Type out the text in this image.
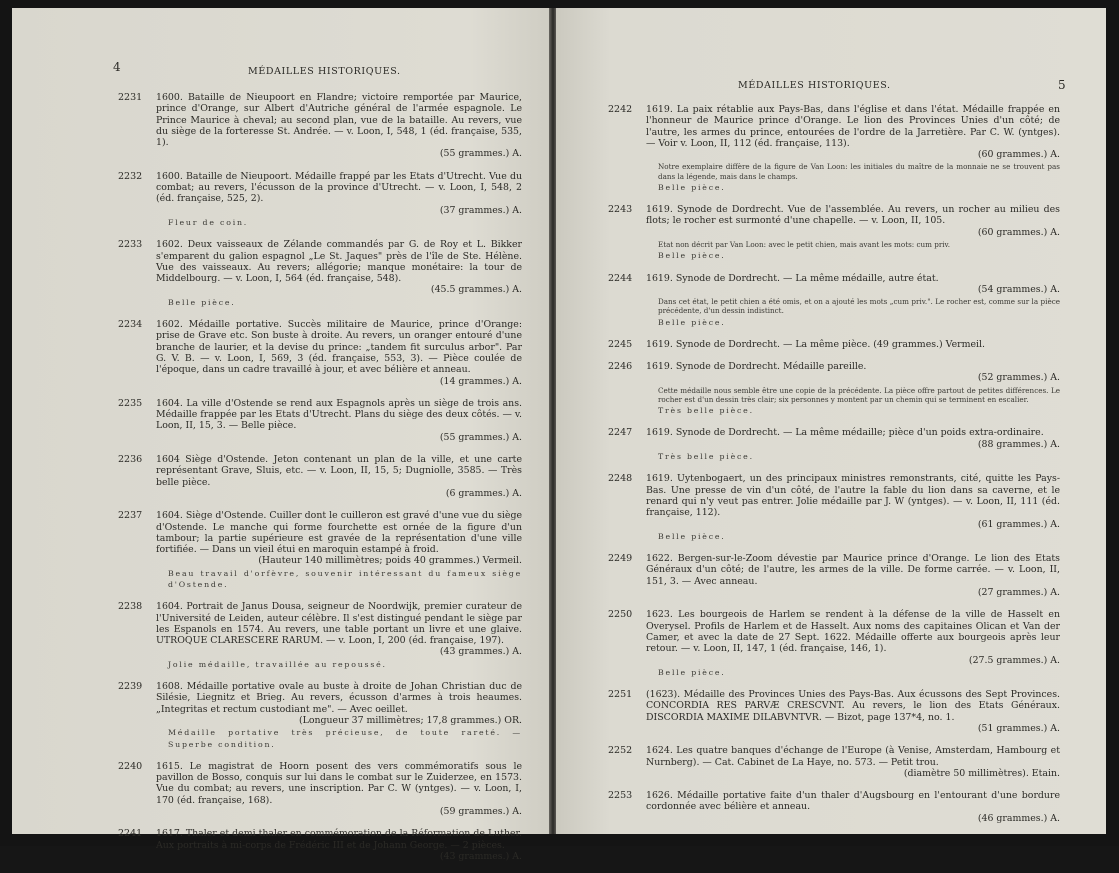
4	MÉDAILLES HISTORIQUES.
2231 1600. Bataille de Nieupoort en Flandre; victoire remportée par Maurice, prince d'Orange, sur Albert d'Autriche général de l'armée espagnole. Le Prince Maurice à cheval; au second plan, vue de la bataille. Au revers, vue du siège de la forteresse St. Andrée. — v. Loon, I, 548, 1 (éd. française, 535, 1).
(55 grammes.) A.
2232 1600. Bataille de Nieupoort. Médaille frappé par les Etats d'Utrecht. Vue du combat; au revers, l'écusson de la province d'Utrecht. — v. Loon, I, 548, 2 (éd. française, 525, 2).
(37 grammes.) A.
Fleur de coin.
2233 1602. Deux vaisseaux de Zélande commandés par G. de Roy et L. Bikker s'emparent du galion espagnol „Le St. Jaques" près de l'île de Ste. Hélène. Vue des vaisseaux. Au revers; allégorie; manque monétaire: la tour de Middelbourg. — v. Loon, I, 564 (éd. française, 548).
(45.5 grammes.) A.
Belle pièce.
2234 1602. Médaille portative. Succès militaire de Maurice, prince d'Orange: prise de Grave etc. Son buste à droite. Au revers, un oranger entouré d'une branche de laurier, et la devise du prince: „tandem fit surculus arbor". Par G. V. B. — v. Loon, I, 569, 3 (éd. française, 553, 3). — Pièce coulée de l'époque, dans un cadre travaillé à jour, et avec bélière et anneau.
(14 grammes.) A.
2235 1604. La ville d'Ostende se rend aux Espagnols après un siège de trois ans. Médaille frappée par les Etats d'Utrecht. Plans du siège des deux côtés. — v. Loon, II, 15, 3. — Belle pièce.
(55 grammes.) A.
2236 1604 Siège d'Ostende. Jeton contenant un plan de la ville, et une carte représentant Grave, Sluis, etc. — v. Loon, II, 15, 5; Dugniolle, 3585. — Très belle pièce.
(6 grammes.) A.
2237 1604. Siège d'Ostende. Cuiller dont le cuilleron est gravé d'une vue du siège d'Ostende. Le manche qui forme fourchette est ornée de la figure d'un tambour; la partie supérieure est gravée de la représentation d'une ville fortifiée. — Dans un vieil étui en maroquin estampé à froid.
(Hauteur 140 millimètres; poids 40 grammes.) Vermeil.
Beau travail d'orfèvre, souvenir intéressant du fameux siège d'Ostende.
2238 1604. Portrait de Janus Dousa, seigneur de Noordwijk, premier curateur de l'Université de Leiden, auteur célèbre. Il s'est distingué pendant le siège par les Espanols en 1574. Au revers, une table portant un livre et une glaive. UTROQUE CLARESCERE RARUM. — v. Loon, I, 200 (éd. française, 197).
(43 grammes.) A.
Jolie médaille, travaillée au repoussé.
2239 1608. Médaille portative ovale au buste à droite de Johan Christian duc de Silésie, Liegnitz et Brieg. Au revers, écusson d'armes à trois heaumes. „Integritas et rectum custodiant me". — Avec oeillet.
(Longueur 37 millimètres; 17,8 grammes.) OR.
Médaille portative très précieuse, de toute rareté. — Superbe condition.
2240 1615. Le magistrat de Hoorn posent des vers commémoratifs sous le pavillon de Bosso, conquis sur lui dans le combat sur le Zuiderzee, en 1573. Vue du combat; au revers, une inscription. Par C. W (yntges). — v. Loon, I, 170 (éd. française, 168).
(59 grammes.) A.
2241 1617. Thaler et demi thaler en commémoration de la Réformation de Luther. Aux portraits à mi-corps de Frédéric III et de Johann George. — 2 pièces.
(43 grammes.) A.
MÉDAILLES HISTORIQUES.	5
2242 1619. La paix rétablie aux Pays-Bas, dans l'église et dans l'état. Médaille frappée en l'honneur de Maurice prince d'Orange. Le lion des Provinces Unies d'un côté; de l'autre, les armes du prince, entourées de l'ordre de la Jarretière. Par C. W. (yntges). — Voir v. Loon, II, 112 (éd. française, 113).
(60 grammes.) A.
Notre exemplaire diffère de la figure de Van Loon: les initiales du maître de la monnaie ne se trouvent pas dans la légende, mais dans le champs.
Belle pièce.
2243 1619. Synode de Dordrecht. Vue de l'assemblée. Au revers, un rocher au milieu des flots; le rocher est surmonté d'une chapelle. — v. Loon, II, 105.
(60 grammes.) A.
Etat non décrit par Van Loon: avec le petit chien, mais avant les mots: cum priv.
Belle pièce.
2244 1619. Synode de Dordrecht. — La même médaille, autre état.
(54 grammes.) A.
Dans cet état, le petit chien a été omis, et on a ajouté les mots „cum priv.". Le rocher est, comme sur la pièce précédente, d'un dessin indistinct.
Belle pièce.
2245 1619. Synode de Dordrecht. — La même pièce. (49 grammes.) Vermeil.
2246 1619. Synode de Dordrecht. Médaille pareille.
(52 grammes.) A.
Cette médaille nous semble être une copie de la précédente. La pièce offre partout de petites différences. Le rocher est d'un dessin très clair; six personnes y montent par un chemin qui se terminent en escalier.
Très belle pièce.
2247 1619. Synode de Dordrecht. — La même médaille; pièce d'un poids extra-ordinaire.
(88 grammes.) A.
Très belle pièce.
2248 1619. Uytenbogaert, un des principaux ministres remonstrants, cité, quitte les Pays-Bas. Une presse de vin d'un côté, de l'autre la fable du lion dans sa caverne, et le renard qui n'y veut pas entrer. Jolie médaille par J. W (yntges). — v. Loon, II, 111 (éd. française, 112).
(61 grammes.) A.
Belle pièce.
2249 1622. Bergen-sur-le-Zoom dévestie par Maurice prince d'Orange. Le lion des Etats Généraux d'un côté; de l'autre, les armes de la ville. De forme carrée. — v. Loon, II, 151, 3. — Avec anneau.
(27 grammes.) A.
2250 1623. Les bourgeois de Harlem se rendent à la défense de la ville de Hasselt en Overysel. Profils de Harlem et de Hasselt. Aux noms des capitaines Olican et Van der Camer, et avec la date de 27 Sept. 1622. Médaille offerte aux bourgeois après leur retour. — v. Loon, II, 147, 1 (éd. française, 146, 1).
(27.5 grammes.) A.
Belle pièce.
2251 (1623). Médaille des Provinces Unies des Pays-Bas. Aux écussons des Sept Provinces. CONCORDIA RES PARVÆ CRESCVNT. Au revers, le lion des Etats Généraux. DISCORDIA MAXIME DILABVNTVR. — Bizot, page 137*4, no. 1.
(51 grammes.) A.
2252 1624. Les quatre banques d'échange de l'Europe (à Venise, Amsterdam, Hambourg et Nurnberg). — Cat. Cabinet de La Haye, no. 573. — Petit trou.
(diamètre 50 millimètres). Etain.
2253 1626. Médaille portative faite d'un thaler d'Augsbourg en l'entourant d'une bordure cordonnée avec bélière et anneau.
(46 grammes.) A.
